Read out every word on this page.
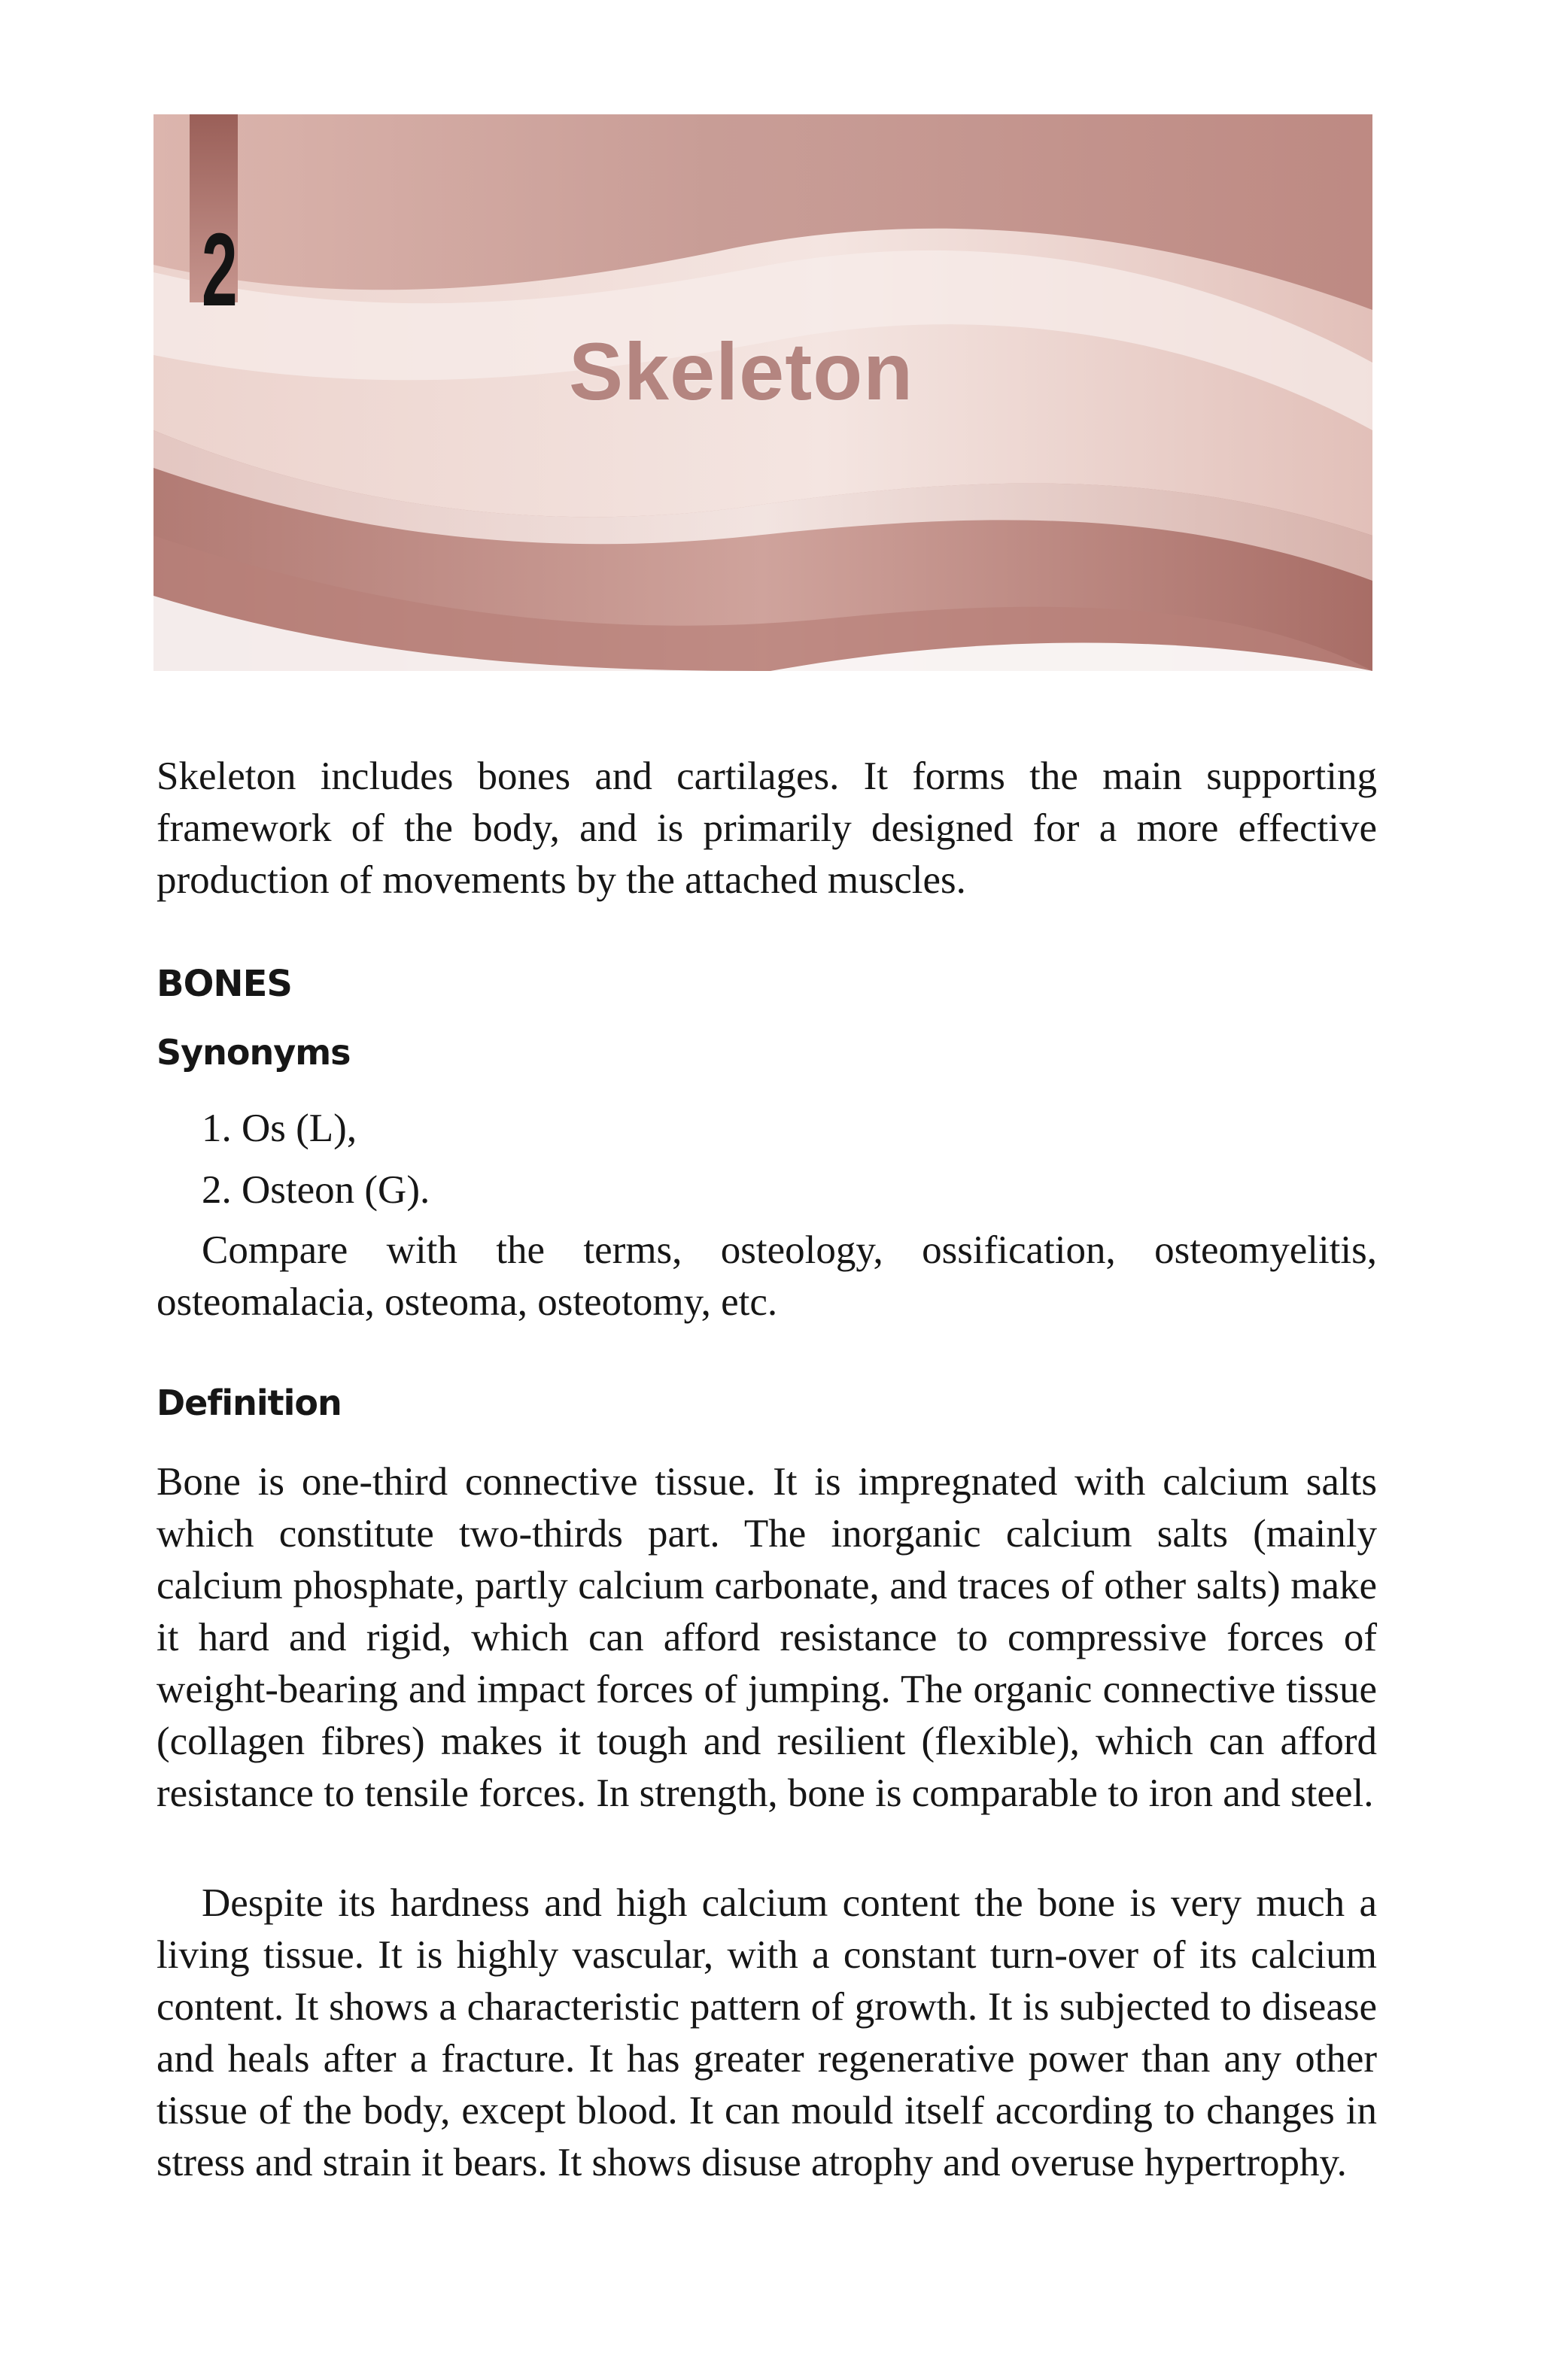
2
Skeleton

Skeleton includes bones and cartilages. It forms the main supporting framework of the body, and is primarily designed for a more effective production of movements by the attached muscles.

BONES
Synonyms

1. Os (L),

2. Osteon (G).

Compare with the terms, osteology, ossification, osteomyelitis, osteomalacia, osteoma, osteotomy, etc.

Definition

Bone is one-third connective tissue. It is impregnated with calcium salts which constitute two-thirds part. The inorganic calcium salts (mainly calcium phosphate, partly calcium carbonate, and traces of other salts) make it hard and rigid, which can afford resistance to compressive forces of weight-bearing and impact forces of jumping. The organic connective tissue (collagen fibres) makes it tough and resilient (flexible), which can afford resistance to tensile forces. In strength, bone is comparable to iron and steel.

Despite its hardness and high calcium content the bone is very much a living tissue. It is highly vascular, with a constant turn-over of its calcium content. It shows a characteristic pattern of growth. It is subjected to disease and heals after a fracture. It has greater regenerative power than any other tissue of the body, except blood. It can mould itself according to changes in stress and strain it bears. It shows disuse atrophy and overuse hypertrophy.
